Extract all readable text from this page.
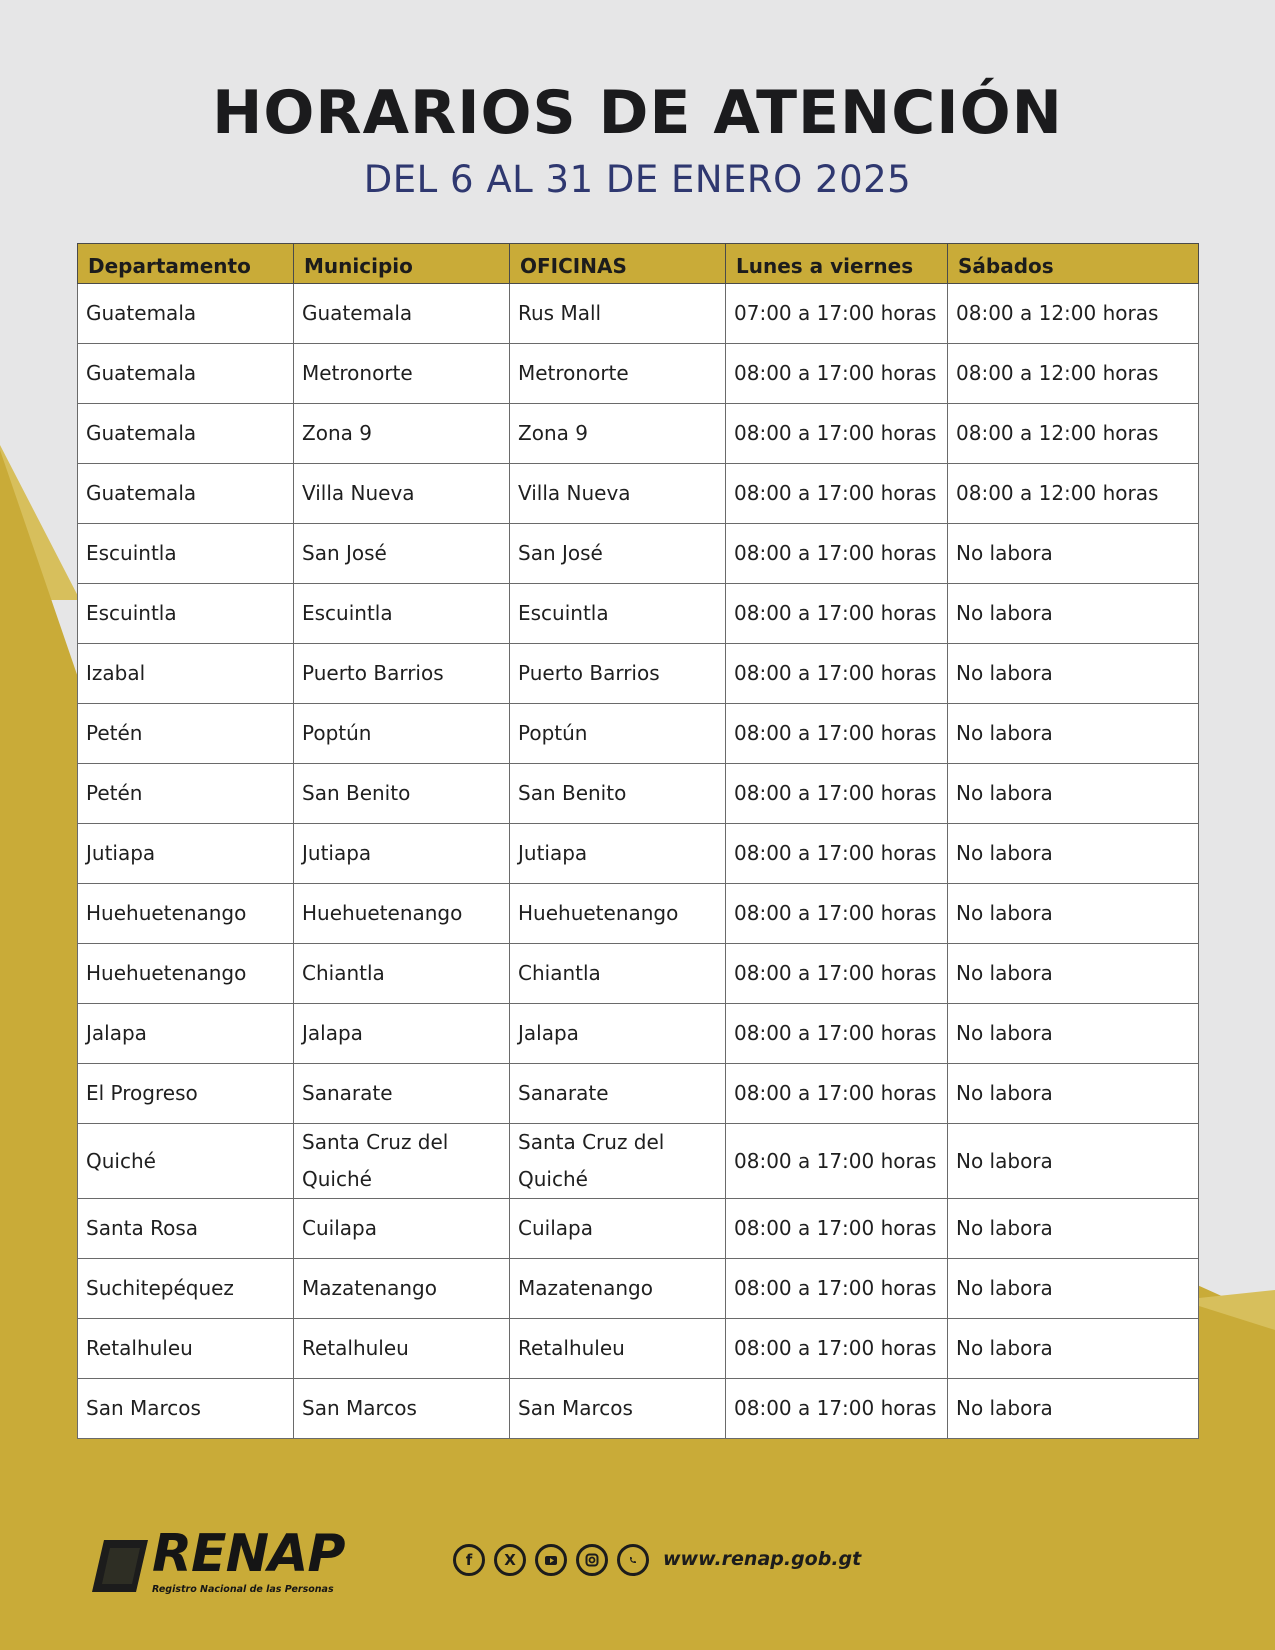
HORARIOS DE ATENCIÓN
DEL 6 AL 31 DE ENERO 2025
Departamento	Municipio	OFICINAS	Lunes a viernes	Sábados
Guatemala	Guatemala	Rus Mall	07:00 a 17:00 horas	08:00 a 12:00 horas
Guatemala	Metronorte	Metronorte	08:00 a 17:00 horas	08:00 a 12:00 horas
Guatemala	Zona 9	Zona 9	08:00 a 17:00 horas	08:00 a 12:00 horas
Guatemala	Villa Nueva	Villa Nueva	08:00 a 17:00 horas	08:00 a 12:00 horas
Escuintla	San José	San José	08:00 a 17:00 horas	No labora
Escuintla	Escuintla	Escuintla	08:00 a 17:00 horas	No labora
Izabal	Puerto Barrios	Puerto Barrios	08:00 a 17:00 horas	No labora
Petén	Poptún	Poptún	08:00 a 17:00 horas	No labora
Petén	San Benito	San Benito	08:00 a 17:00 horas	No labora
Jutiapa	Jutiapa	Jutiapa	08:00 a 17:00 horas	No labora
Huehuetenango	Huehuetenango	Huehuetenango	08:00 a 17:00 horas	No labora
Huehuetenango	Chiantla	Chiantla	08:00 a 17:00 horas	No labora
Jalapa	Jalapa	Jalapa	08:00 a 17:00 horas	No labora
El Progreso	Sanarate	Sanarate	08:00 a 17:00 horas	No labora
Quiché	Santa Cruz del Quiché	Santa Cruz del Quiché	08:00 a 17:00 horas	No labora
Santa Rosa	Cuilapa	Cuilapa	08:00 a 17:00 horas	No labora
Suchitepéquez	Mazatenango	Mazatenango	08:00 a 17:00 horas	No labora
Retalhuleu	Retalhuleu	Retalhuleu	08:00 a 17:00 horas	No labora
San Marcos	San Marcos	San Marcos	08:00 a 17:00 horas	No labora
RENAP
Registro Nacional de las Personas
f	X	www.renap.gob.gt
